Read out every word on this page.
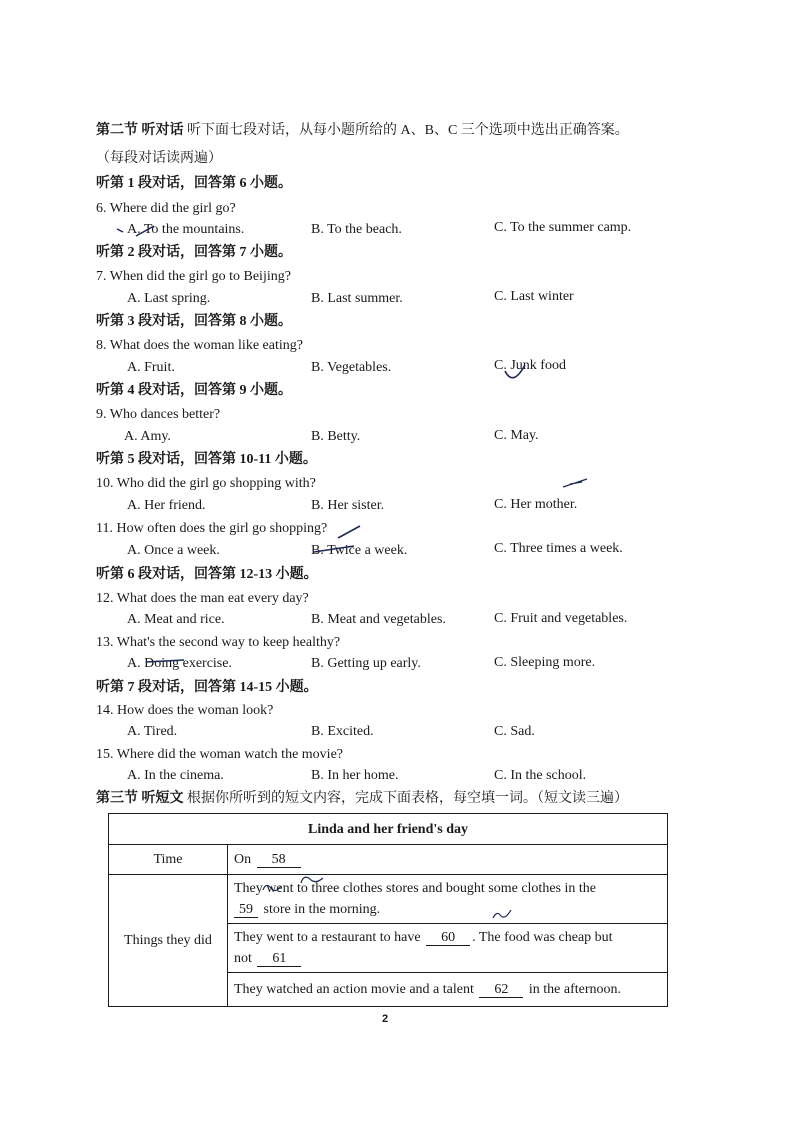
第二节 听对话 听下面七段对话，从每小题所给的 A、B、C 三个选项中选出正确答案。
（每段对话读两遍）
听第 1 段对话，回答第 6 小题。
6. Where did the girl go?
A. To the mountains.	B. To the beach.	C. To the summer camp.
听第 2 段对话，回答第 7 小题。
7. When did the girl go to Beijing?
A. Last spring.	B. Last summer.	C. Last winter
听第 3 段对话，回答第 8 小题。
8. What does the woman like eating?
A. Fruit.	B. Vegetables.	C. Junk food
听第 4 段对话，回答第 9 小题。
9. Who dances better?
A. Amy.	B. Betty.	C. May.
听第 5 段对话，回答第 10-11 小题。
10. Who did the girl go shopping with?
A. Her friend.	B. Her sister.	C. Her mother.
11. How often does the girl go shopping?
A. Once a week.	B. Twice a week.	C. Three times a week.
听第 6 段对话，回答第 12-13 小题。
12. What does the man eat every day?
A. Meat and rice.	B. Meat and vegetables.	C. Fruit and vegetables.
13. What's the second way to keep healthy?
A. Doing exercise.	B. Getting up early.	C. Sleeping more.
听第 7 段对话，回答第 14-15 小题。
14. How does the woman look?
A. Tired.	B. Excited.	C. Sad.
15. Where did the woman watch the movie?
A. In the cinema.	B. In her home.	C. In the school.
第三节 听短文 根据你所听到的短文内容，完成下面表格，每空填一词。（短文读三遍）
Linda and her friend's day	
Time	On 58
Things they did	They went to three clothes stores and bought some clothes in the
59 store in the morning.
	They went to a restaurant to have 60 . The food was cheap but
not 61
	They watched an action movie and a talent 62 in the afternoon.
2
